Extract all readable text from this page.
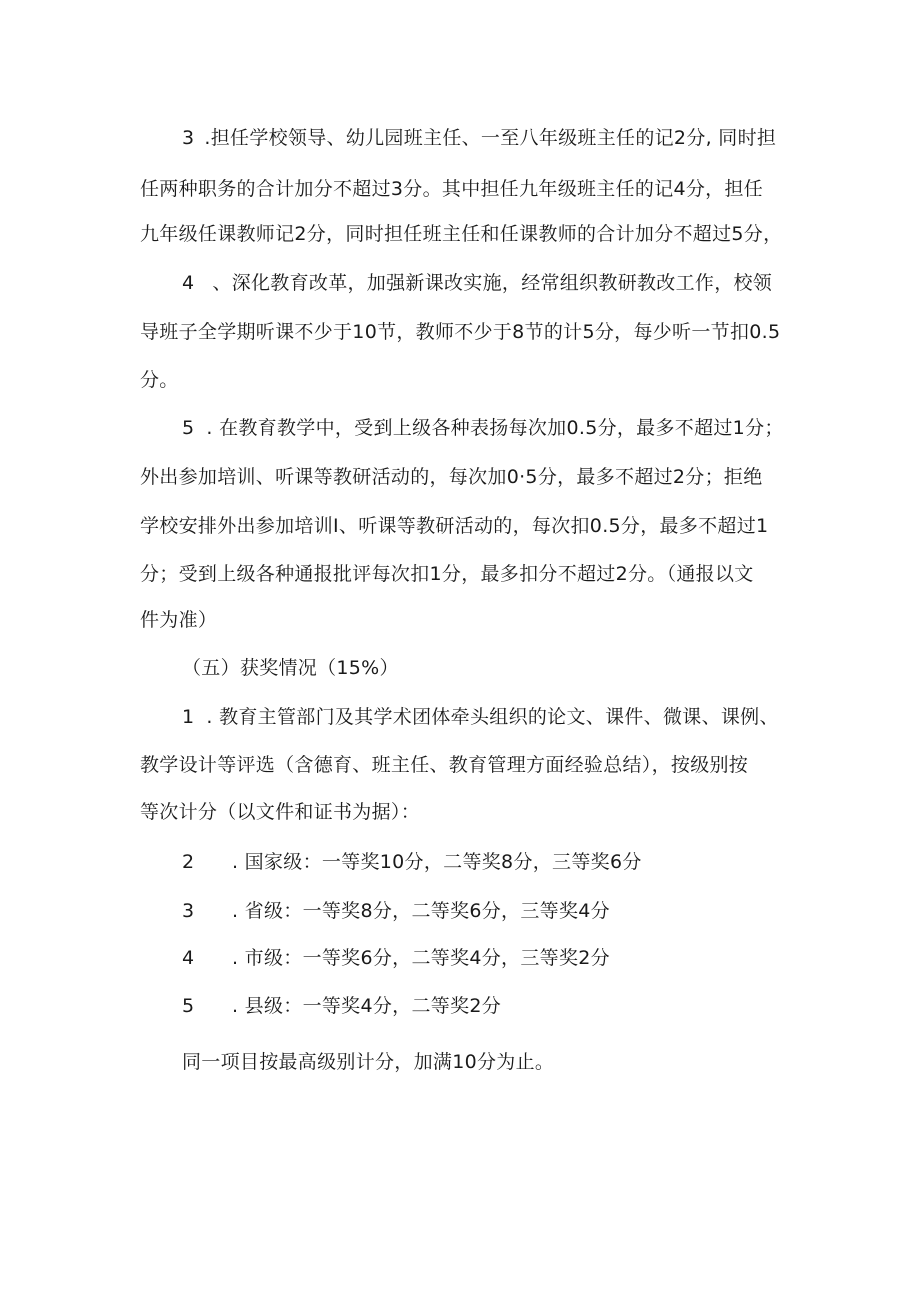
3 .担任学校领导、幼儿园班主任、一至八年级班主任的记2分, 同时担
任两种职务的合计加分不超过3分。其中担任九年级班主任的记4分，担任
九年级任课教师记2分，同时担任班主任和任课教师的合计加分不超过5分，
4 、深化教育改革，加强新课改实施，经常组织教研教改工作，校领
导班子全学期听课不少于10节，教师不少于8节的计5分，每少听一节扣0.5
分。
5 . 在教育教学中，受到上级各种表扬每次加0.5分，最多不超过1分；
外出参加培训、听课等教研活动的，每次加0·5分，最多不超过2分；拒绝
学校安排外出参加培训I、听课等教研活动的，每次扣0.5分，最多不超过1
分；受到上级各种通报批评每次扣1分，最多扣分不超过2分。（通报以文
件为准）
（五）获奖情况（15%）
1 . 教育主管部门及其学术团体牵头组织的论文、课件、微课、课例、
教学设计等评选（含德育、班主任、教育管理方面经验总结），按级别按
等次计分（以文件和证书为据）：
2 . 国家级：一等奖10分，二等奖8分，三等奖6分
3 . 省级：一等奖8分，二等奖6分，三等奖4分
4 . 市级：一等奖6分，二等奖4分，三等奖2分
5 . 县级：一等奖4分，二等奖2分
同一项目按最高级别计分，加满10分为止。
